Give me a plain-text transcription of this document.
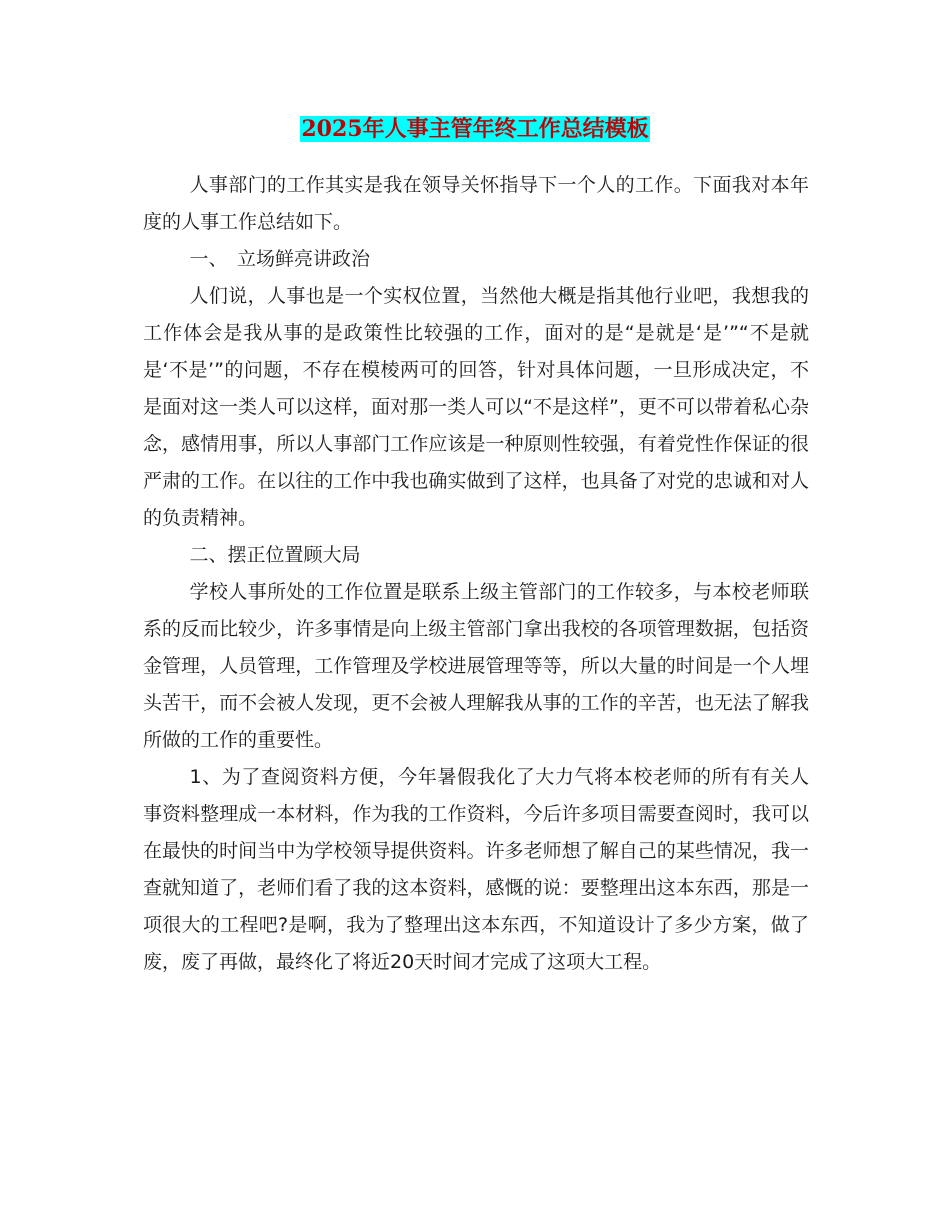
2025年人事主管年终工作总结模板

人事部门的工作其实是我在领导关怀指导下一个人的工作。下面我对本年度的人事工作总结如下。

一、　立场鲜亮讲政治

人们说，人事也是一个实权位置，当然他大概是指其他行业吧，我想我的工作体会是我从事的是政策性比较强的工作，面对的是“是就是‘是’”“不是就是‘不是’”的问题，不存在模棱两可的回答，针对具体问题，一旦形成决定，不是面对这一类人可以这样，面对那一类人可以“不是这样”，更不可以带着私心杂念，感情用事，所以人事部门工作应该是一种原则性较强，有着党性作保证的很严肃的工作。在以往的工作中我也确实做到了这样，也具备了对党的忠诚和对人的负责精神。

二、摆正位置顾大局

学校人事所处的工作位置是联系上级主管部门的工作较多，与本校老师联系的反而比较少，许多事情是向上级主管部门拿出我校的各项管理数据，包括资金管理，人员管理，工作管理及学校进展管理等等，所以大量的时间是一个人埋头苦干，而不会被人发现，更不会被人理解我从事的工作的辛苦，也无法了解我所做的工作的重要性。

1、为了查阅资料方便，今年暑假我化了大力气将本校老师的所有有关人事资料整理成一本材料，作为我的工作资料，今后许多项目需要查阅时，我可以在最快的时间当中为学校领导提供资料。许多老师想了解自己的某些情况，我一查就知道了，老师们看了我的这本资料，感慨的说：要整理出这本东西，那是一项很大的工程吧?是啊，我为了整理出这本东西，不知道设计了多少方案，做了废，废了再做，最终化了将近20天时间才完成了这项大工程。
